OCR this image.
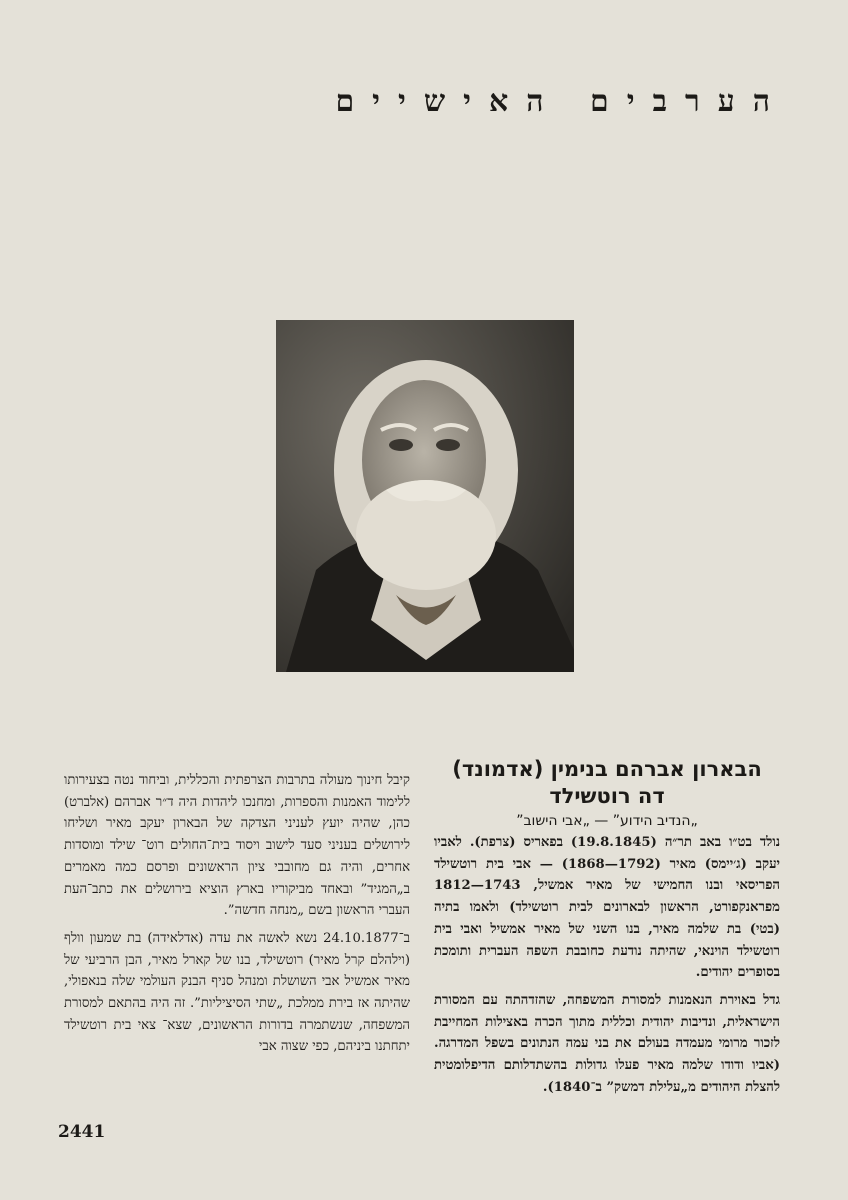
הערבים האישיים

הבארון אברהם בנימין (אדמונד)

דה רוטשילד

„הנדיב הידוע” — „אבי הישוב”

נולד בט״ו באב תר״ה (19.8.1845) בפאריס (צרפת). לאביו יעקב (ג׳יימס) מאיר (1792—1868) — אבי בית רוטשילד הפריסאי ובנו החמישי של מאיר אמשיל, 1743—1812 מפראנקפורט, הראשון לבארונים לבית רוטשילד) ולאמו בתיה (בטי) בת שלמה מאיר, בנו השני של מאיר אמשיל ואבי בית רוטשילד הוינאי, שהיתה נודעת כחובבת השפה העברית ותומכת בסופרים יהודים.

גדל באוירת הנאמנות למסורת המשפחה, שהזדהתה עם המסורת הישראלית, ונדיבות יהודית וכללית מתוך הכרה באצילות המחייבת לזכור מרומי מעמדה בעולם את בני עמה הנתונים בשפל המדרגה. (אביו ודודו שלמה מאיר פעלו גדולות בהשתדלותם הדיפלומטית להצלת היהודים מ„עלילת דמשק” ב־1840).

קיבל חינוך מעולה בתרבות הצרפתית והכללית, וביחוד נטה בצעירותו ללימוד האמנות והספרות, ומחנכו ליהדות היה ד״ר אברהם (אלברט) כהן, שהיה יועץ לעניני הצדקה של הבארון יעקב מאיר ושליחו לירושלים בעניני סעד לישוב ויסוד בית־החולים רוט־ שילד ומוסדות אחרים, והיה גם מחובבי ציון הראשונים ופרסם כמה מאמרים ב„המגיד” ובאחד מביקוריו בארץ הוציא בירושלים את כתב־העת העברי הראשון בשם „מנחה חדשה”.

ב־24.10.1877 נשא לאשה את עדה (אדלאידה) בת שמעון וולף (וילהלם קרל מאיר) רוטשילד, בנו של קארל מאיר, הבן הרביעי של מאיר אמשיל אבי השושלת ומנהל סניף הבנק העולמי שלה בנאפולי, שהיתה אז בירת ממלכת „שתי הסיציליות”. זה היה בהתאם למסורת המשפחה, שנשתמרה בדורות הראשונים, שצא־ צאי בית רוטשילד יתחתנו ביניהם, כפי שצוה אבי

2441
